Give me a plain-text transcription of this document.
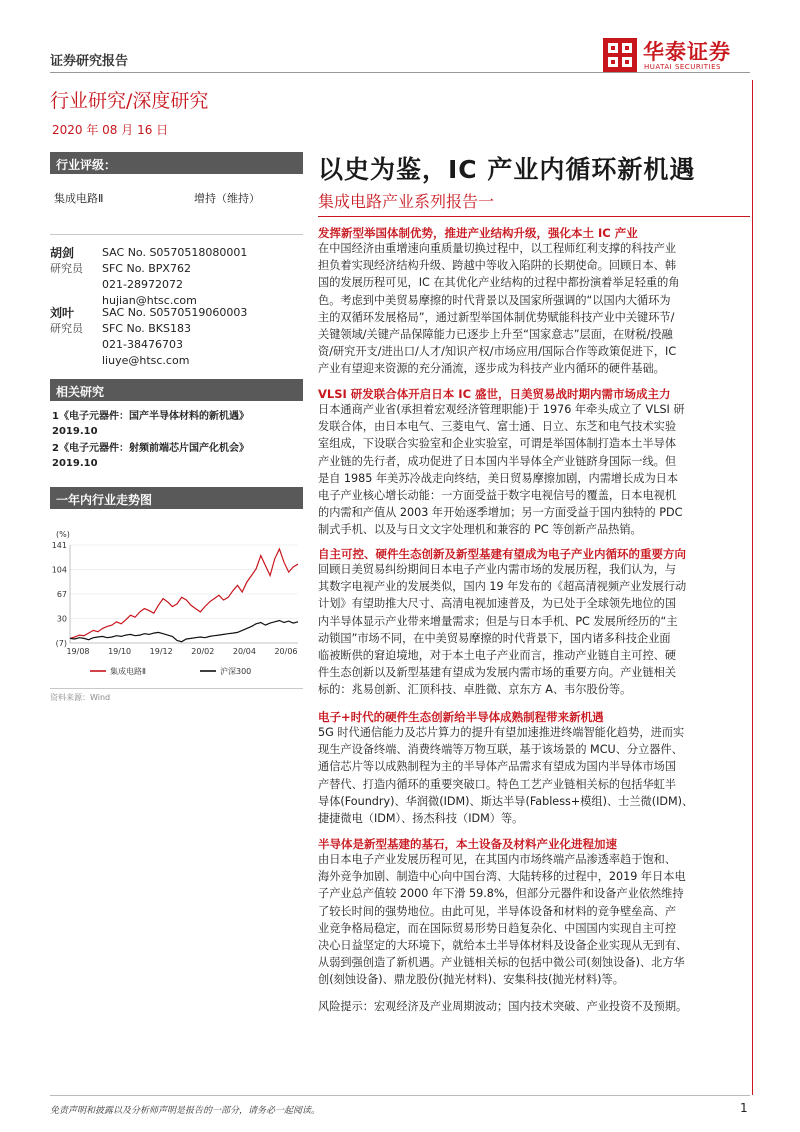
证券研究报告
行业研究/深度研究
2020 年 08 月 16 日
华泰证券
HUATAI SECURITIES
行业评级：
集成电路Ⅱ	增持（维持）
胡剑
研究员
SAC No. S0570518080001
SFC No. BPX762
021-28972072
hujian@htsc.com
刘叶
研究员
SAC No. S0570519060003
SFC No. BKS183
021-38476703
liuye@htsc.com
相关研究
1《电子元器件：国产半导体材料的新机遇》
2019.10
2《电子元器件：射频前端芯片国产化机会》
2019.10
一年内行业走势图
(%)
141
104
67
30
(7)
19/08 19/10 19/12 20/02 20/04 20/06
集成电路Ⅱ	沪深300
资料来源：Wind
以史为鉴，IC 产业内循环新机遇
集成电路产业系列报告一
发挥新型举国体制优势，推进产业结构升级，强化本土 IC 产业
在中国经济由重增速向重质量切换过程中，以工程师红利支撑的科技产业
担负着实现经济结构升级、跨越中等收入陷阱的长期使命。回顾日本、韩
国的发展历程可见，IC 在其优化产业结构的过程中都扮演着举足轻重的角
色。考虑到中美贸易摩擦的时代背景以及国家所强调的“以国内大循环为
主的双循环发展格局”，通过新型举国体制优势赋能科技产业中关键环节/
关键领域/关键产品保障能力已逐步上升至“国家意志”层面，在财税/投融
资/研究开支/进出口/人才/知识产权/市场应用/国际合作等政策促进下，IC
产业有望迎来资源的充分涌流，逐步成为科技产业内循环的硬件基础。
VLSI 研发联合体开启日本 IC 盛世，日美贸易战时期内需市场成主力
日本通商产业省(承担着宏观经济管理职能)于 1976 年牵头成立了 VLSI 研
发联合体，由日本电气、三菱电气、富士通、日立、东芝和电气技术实验
室组成，下设联合实验室和企业实验室，可谓是举国体制打造本土半导体
产业链的先行者，成功促进了日本国内半导体全产业链跻身国际一线。但
是自 1985 年美苏冷战走向终结，美日贸易摩擦加剧，内需增长成为日本
电子产业核心增长动能：一方面受益于数字电视信号的覆盖，日本电视机
的内需和产值从 2003 年开始逐季增加；另一方面受益于国内独特的 PDC
制式手机、以及与日文文字处理机和兼容的 PC 等创新产品热销。
自主可控、硬件生态创新及新型基建有望成为电子产业内循环的重要方向
回顾日美贸易纠纷期间日本电子产业内需市场的发展历程，我们认为，与
其数字电视产业的发展类似，国内 19 年发布的《超高清视频产业发展行动
计划》有望助推大尺寸、高清电视加速普及，为已处于全球领先地位的国
内半导体显示产业带来增量需求；但是与日本手机、PC 发展所经历的“主
动锁国”市场不同，在中美贸易摩擦的时代背景下，国内诸多科技企业面
临被断供的窘迫境地，对于本土电子产业而言，推动产业链自主可控、硬
件生态创新以及新型基建有望成为发展内需市场的重要方向。产业链相关
标的：兆易创新、汇顶科技、卓胜微、京东方 A、韦尔股份等。
电子+时代的硬件生态创新给半导体成熟制程带来新机遇
5G 时代通信能力及芯片算力的提升有望加速推进终端智能化趋势，进而实
现生产设备终端、消费终端等万物互联，基于该场景的 MCU、分立器件、
通信芯片等以成熟制程为主的半导体产品需求有望成为国内半导体市场国
产替代、打造内循环的重要突破口。特色工艺产业链相关标的包括华虹半
导体(Foundry)、华润微(IDM)、斯达半导(Fabless+模组)、士兰微(IDM)、
捷捷微电（IDM）、扬杰科技（IDM）等。
半导体是新型基建的基石，本土设备及材料产业化进程加速
由日本电子产业发展历程可见，在其国内市场终端产品渗透率趋于饱和、
海外竞争加剧、制造中心向中国台湾、大陆转移的过程中，2019 年日本电
子产业总产值较 2000 年下滑 59.8%，但部分元器件和设备产业依然维持
了较长时间的强势地位。由此可见，半导体设备和材料的竞争壁垒高、产
业竞争格局稳定，而在国际贸易形势日趋复杂化、中国国内实现自主可控
决心日益坚定的大环境下，就给本土半导体材料及设备企业实现从无到有、
从弱到强创造了新机遇。产业链相关标的包括中微公司(刻蚀设备)、北方华
创(刻蚀设备)、鼎龙股份(抛光材料)、安集科技(抛光材料)等。
风险提示：宏观经济及产业周期波动；国内技术突破、产业投资不及预期。
免责声明和披露以及分析师声明是报告的一部分，请务必一起阅读。	1
